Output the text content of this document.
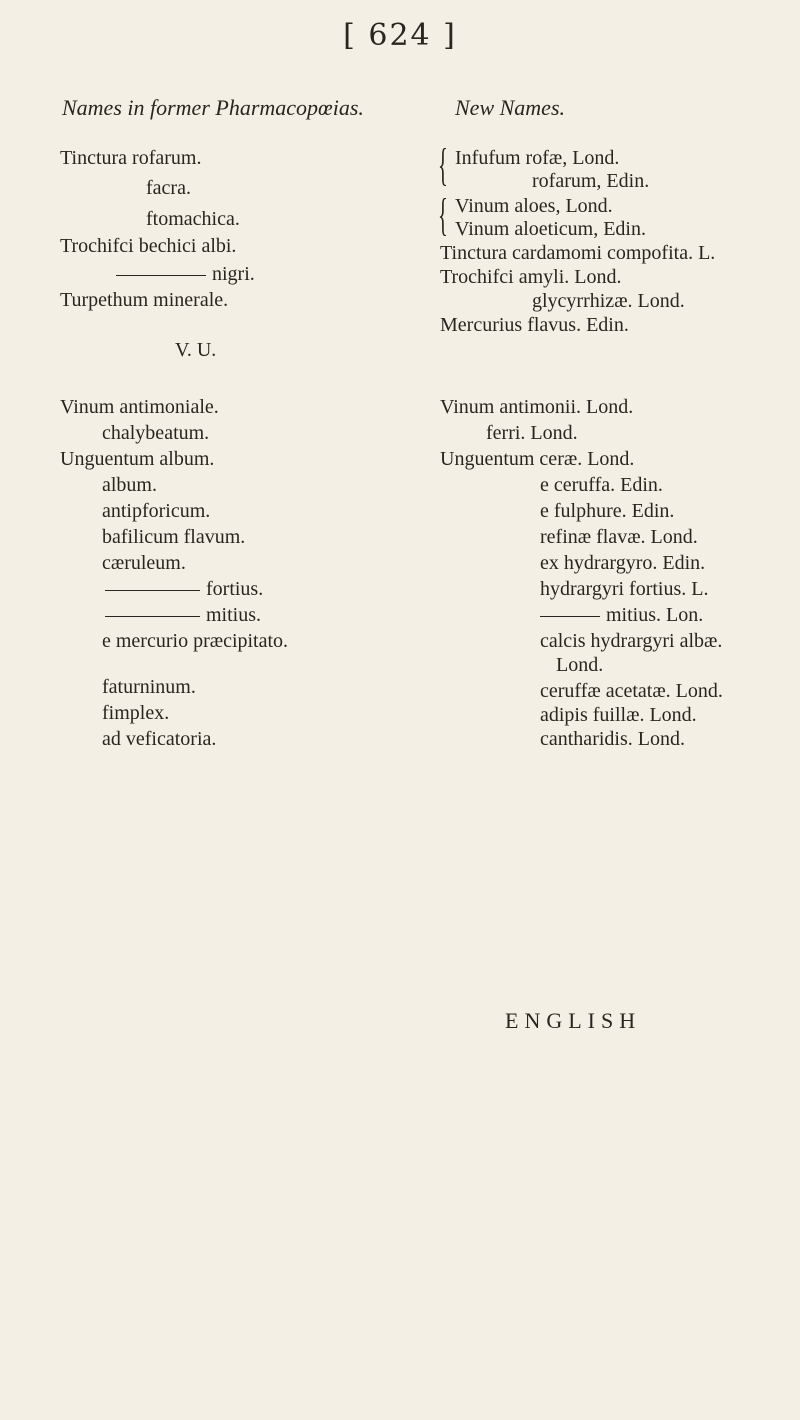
[ 624 ]
Names in former Pharmacopœias.	New Names.
Tinctura rofarum.
facra.
ftomachica.
Trochifci bechici albi.
nigri.
Turpethum minerale.
V. U.
Vinum antimoniale.
chalybeatum.
Unguentum album.
album.
antipforicum.
bafilicum flavum.
cæruleum.
fortius.
mitius.
e mercurio præcipitato.
faturninum.
fimplex.
ad veficatoria.
{ Infufum rofæ, Lond.
rofarum, Edin.
{ Vinum aloes, Lond.
Vinum aloeticum, Edin.
Tinctura cardamomi compofita. L.
Trochifci amyli. Lond.
glycyrrhizæ. Lond.
Mercurius flavus. Edin.
Vinum antimonii. Lond.
ferri. Lond.
Unguentum ceræ. Lond.
e ceruffa. Edin.
e fulphure. Edin.
refinæ flavæ. Lond.
ex hydrargyro. Edin.
hydrargyri fortius. L.
mitius. Lon.
calcis hydrargyri albæ.
Lond.
ceruffæ acetatæ. Lond.
adipis fuillæ. Lond.
cantharidis. Lond.
ENGLISH
